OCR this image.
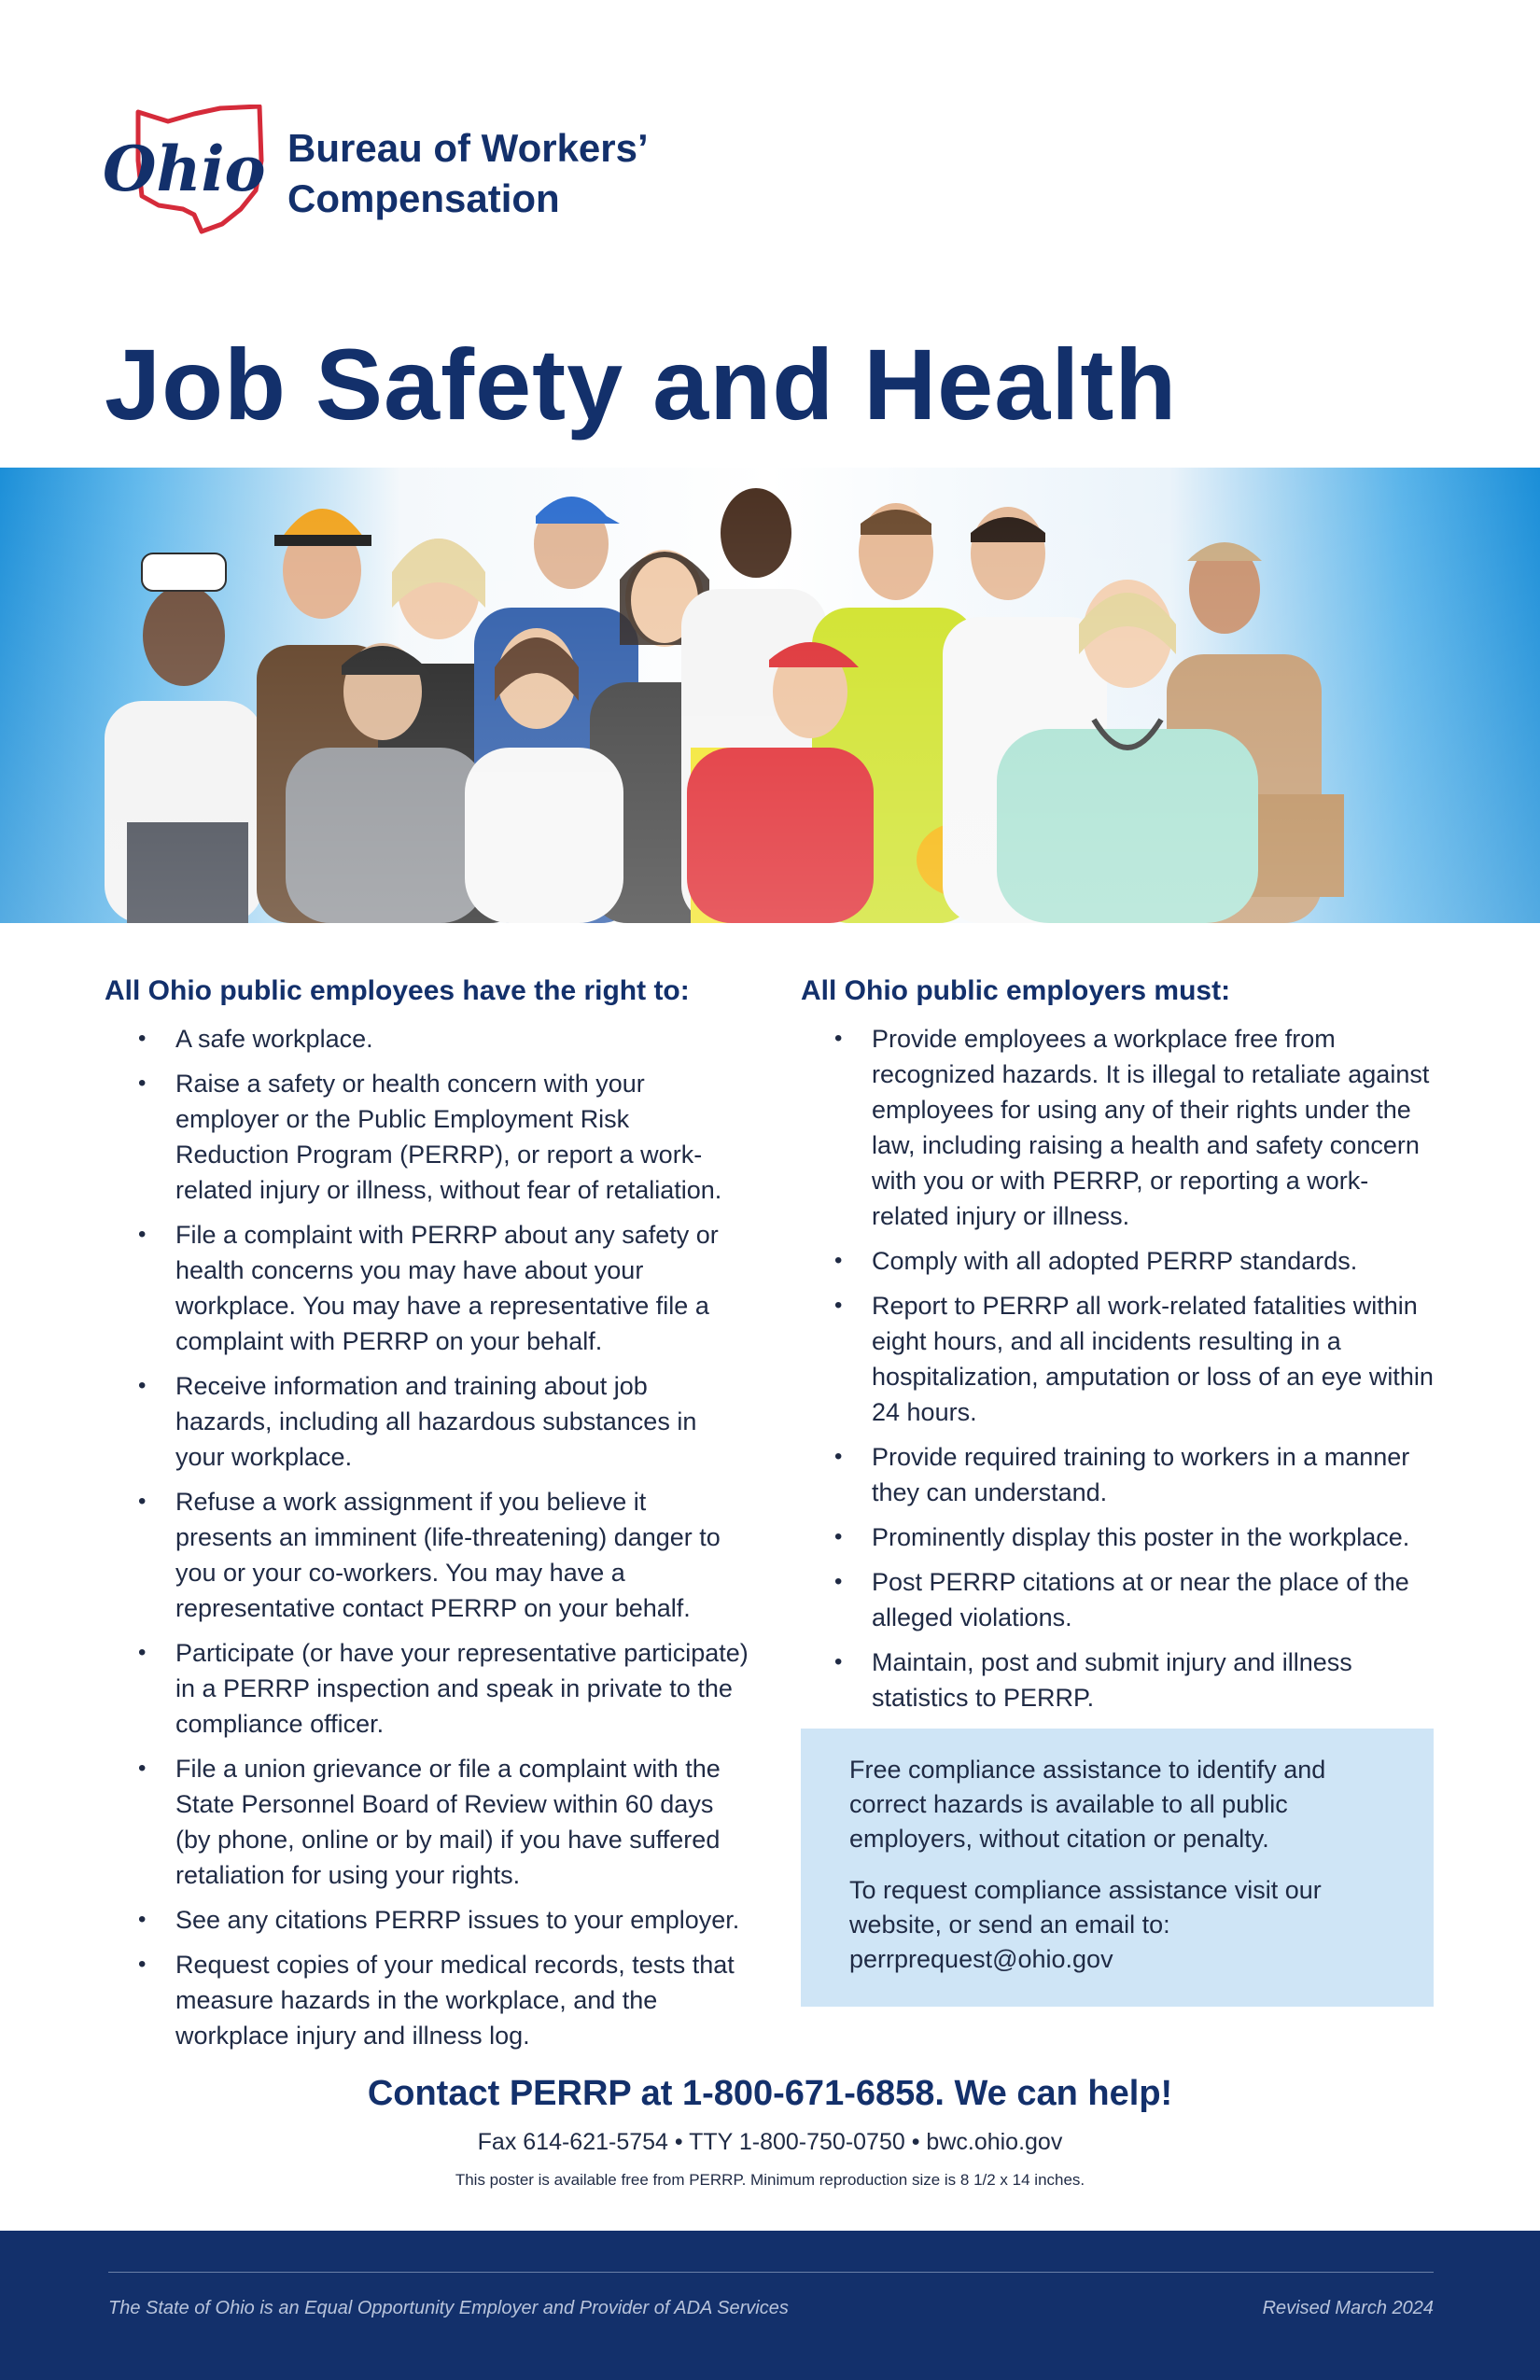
Ohio Bureau of Workers’
Compensation
Job Safety and Health
All Ohio public employees have the right to:
• A safe workplace.
• Raise a safety or health concern with your employer or the Public Employment Risk Reduction Program (PERRP), or report a work-related injury or illness, without fear of retaliation.
• File a complaint with PERRP about any safety or health concerns you may have about your workplace. You may have a representative file a complaint with PERRP on your behalf.
• Receive information and training about job hazards, including all hazardous substances in your workplace.
• Refuse a work assignment if you believe it presents an imminent (life-threatening) danger to you or your co-workers. You may have a representative contact PERRP on your behalf.
• Participate (or have your representative participate) in a PERRP inspection and speak in private to the compliance officer.
• File a union grievance or file a complaint with the State Personnel Board of Review within 60 days (by phone, online or by mail) if you have suffered retaliation for using your rights.
• See any citations PERRP issues to your employer.
• Request copies of your medical records, tests that measure hazards in the workplace, and the workplace injury and illness log.
All Ohio public employers must:
• Provide employees a workplace free from recognized hazards. It is illegal to retaliate against employees for using any of their rights under the law, including raising a health and safety concern with you or with PERRP, or reporting a work-related injury or illness.
• Comply with all adopted PERRP standards.
• Report to PERRP all work-related fatalities within eight hours, and all incidents resulting in a hospitalization, amputation or loss of an eye within 24 hours.
• Provide required training to workers in a manner they can understand.
• Prominently display this poster in the workplace.
• Post PERRP citations at or near the place of the alleged violations.
• Maintain, post and submit injury and illness statistics to PERRP.

Free compliance assistance to identify and correct hazards is available to all public employers, without citation or penalty.

To request compliance assistance visit our website, or send an email to: perrprequest@ohio.gov

Contact PERRP at 1-800-671-6858. We can help!
Fax 614-621-5754 • TTY 1-800-750-0750 • bwc.ohio.gov
This poster is available free from PERRP. Minimum reproduction size is 8 1/2 x 14 inches.
The State of Ohio is an Equal Opportunity Employer and Provider of ADA Services	Revised March 2024
